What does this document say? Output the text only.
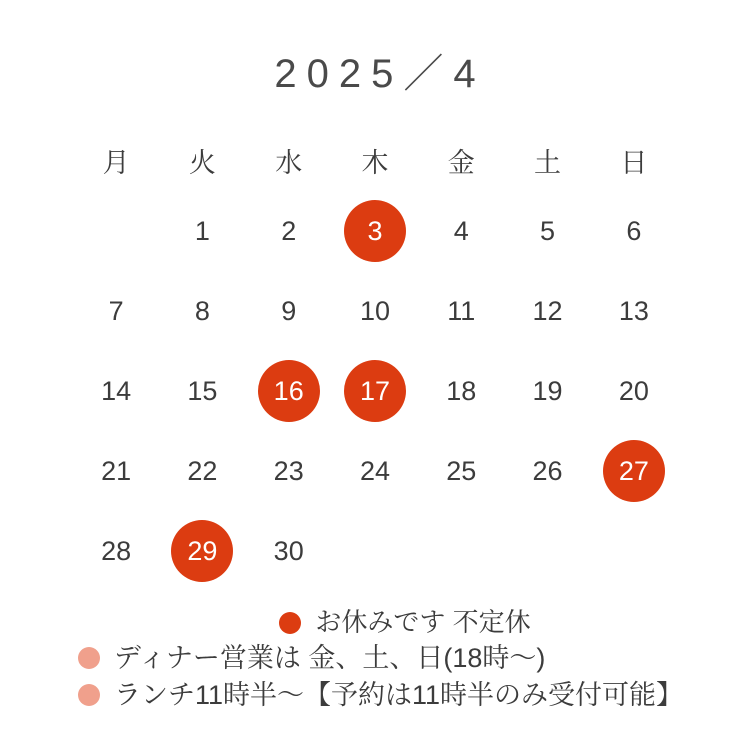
2025／4
月	火	水	木	金	土	日
	1	2	3	4	5	6
7	8	9	10	11	12	13
14	15	16	17	18	19	20
21	22	23	24	25	26	27
28	29	30				
お休みです 不定休
ディナー営業は 金、土、日(18時〜)
ランチ11時半〜【予約は11時半のみ受付可能】
